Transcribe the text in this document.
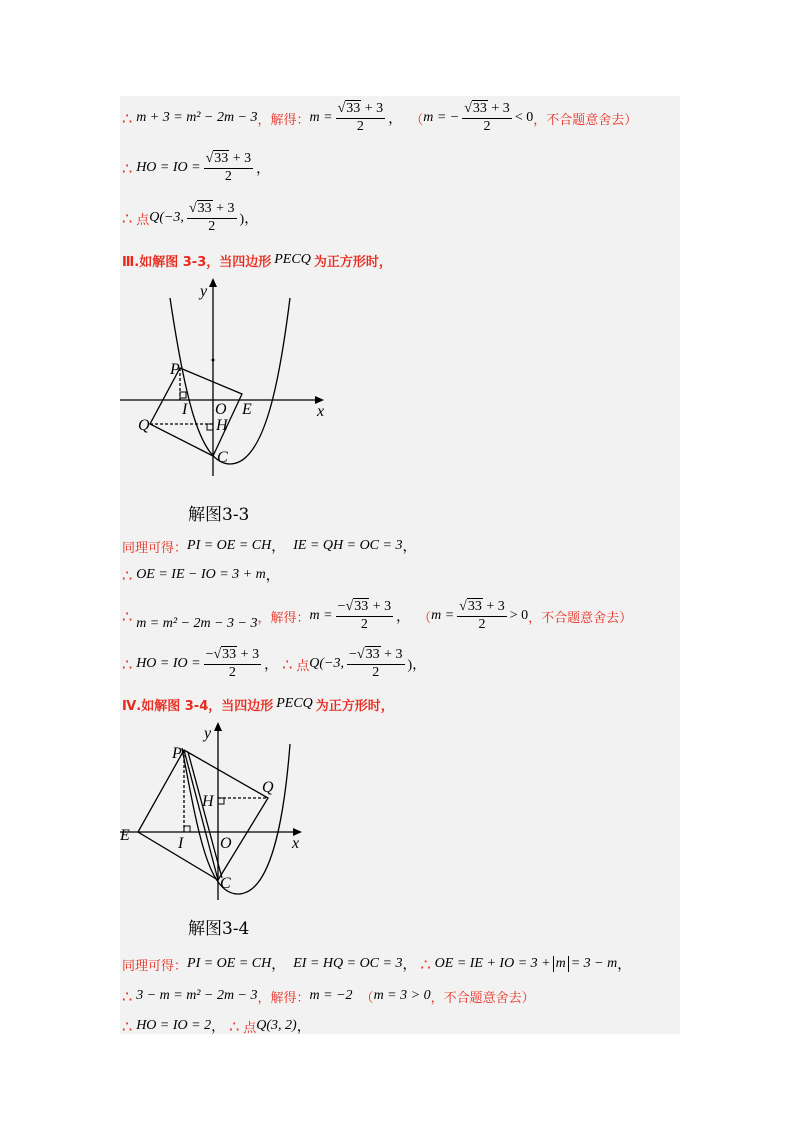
∴ m + 3 = m² − 2m − 3 ，解得： $m = \frac{√33 + 3}{2}$ ， （ m = − $\frac{√33 + 3}{2} < 0$ ，不合题意舍去）
∴ HO = IO = $\frac{√33 + 3}{2}$ ，
∴ 点 Q(−3, $\frac{√33 + 3}{2}$ )，
Ⅲ.如解图 3-3，当四边形 PECQ 为正方形时，
y
x
P
I O E
Q	H
C
解图3-3
同理可得： PI = OE = CH ， IE = QH = OC = 3 ，
∴ OE = IE − IO = 3 + m ，
∴ m = m² − 2m − 3 − 3 ，解得： $m = \frac{-√33 + 3}{2}$ ， （ $m = \frac{√33 + 3}{2} > 0$ ，不合题意舍去）
∴ HO = IO = $\frac{-√33 + 3}{2}$ ， ∴ 点 Q(−3, $\frac{-√33 + 3}{2}$ )，
Ⅳ.如解图 3-4，当四边形 PECQ 为正方形时，
y
x
P
H
Q
E	I O
C
解图3-4
同理可得： PI = OE = CH ， EI = HQ = OC = 3 ， ∴ OE = IE + IO = 3 + m = 3 − m ，
∴ 3 − m = m² − 2m − 3 ，解得： m = −2 （ m = 3 > 0 ，不合题意舍去）
∴ HO = IO = 2 ， ∴ 点 Q(3, 2) ，
